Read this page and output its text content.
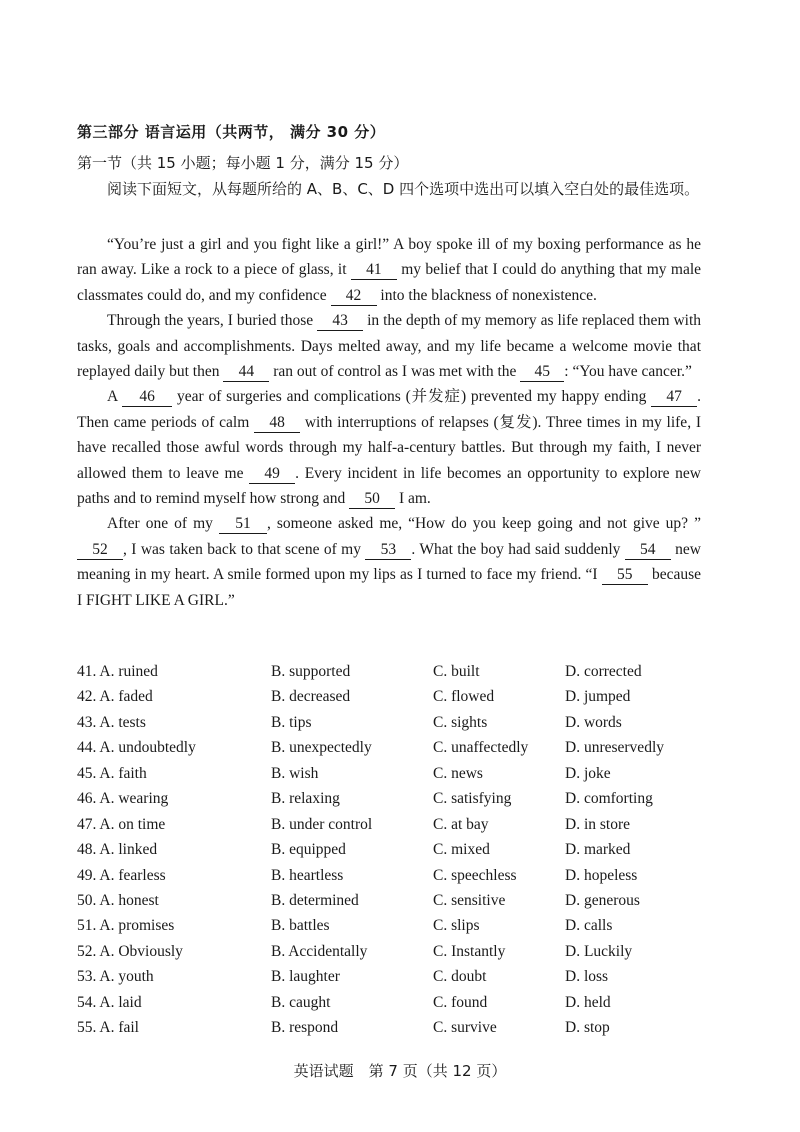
第三部分 语言运用（共两节， 满分 30 分）
第一节（共 15 小题；每小题 1 分，满分 15 分）
阅读下面短文，从每题所给的 A、B、C、D 四个选项中选出可以填入空白处的最佳选项。

“You’re just a girl and you fight like a girl!” A boy spoke ill of my boxing performance as he ran away. Like a rock to a piece of glass, it 41 my belief that I could do anything that my male classmates could do, and my confidence 42 into the blackness of nonexistence.

Through the years, I buried those 43 in the depth of my memory as life replaced them with tasks, goals and accomplishments. Days melted away, and my life became a welcome movie that replayed daily but then 44 ran out of control as I was met with the 45 : “You have cancer.”

A 46 year of surgeries and complications (并发症) prevented my happy ending 47 . Then came periods of calm 48 with interruptions of relapses (复发). Three times in my life, I have recalled those awful words through my half-a-century battles. But through my faith, I never allowed them to leave me 49 . Every incident in life becomes an opportunity to explore new paths and to remind myself how strong and 50 I am.

After one of my 51 , someone asked me, “How do you keep going and not give up? ” 52 , I was taken back to that scene of my 53 . What the boy had said suddenly 54 new meaning in my heart. A smile formed upon my lips as I turned to face my friend. “I 55 because I FIGHT LIKE A GIRL.”

41. A. ruined	B. supported	C. built	D. corrected
42. A. faded	B. decreased	C. flowed	D. jumped
43. A. tests	B. tips	C. sights	D. words
44. A. undoubtedly	B. unexpectedly	C. unaffectedly D. unreservedly
45. A. faith	B. wish	C. news	D. joke
46. A. wearing	B. relaxing	C. satisfying	D. comforting
47. A. on time	B. under control	C. at bay	D. in store
48. A. linked	B. equipped	C. mixed	D. marked
49. A. fearless	B. heartless	C. speechless	D. hopeless
50. A. honest	B. determined	C. sensitive	D. generous
51. A. promises	B. battles	C. slips	D. calls
52. A. Obviously	B. Accidentally	C. Instantly	D. Luckily
53. A. youth	B. laughter	C. doubt	D. loss
54. A. laid	B. caught	C. found	D. held
55. A. fail	B. respond	C. survive	D. stop
英语试题　第 7 页（共 12 页）
